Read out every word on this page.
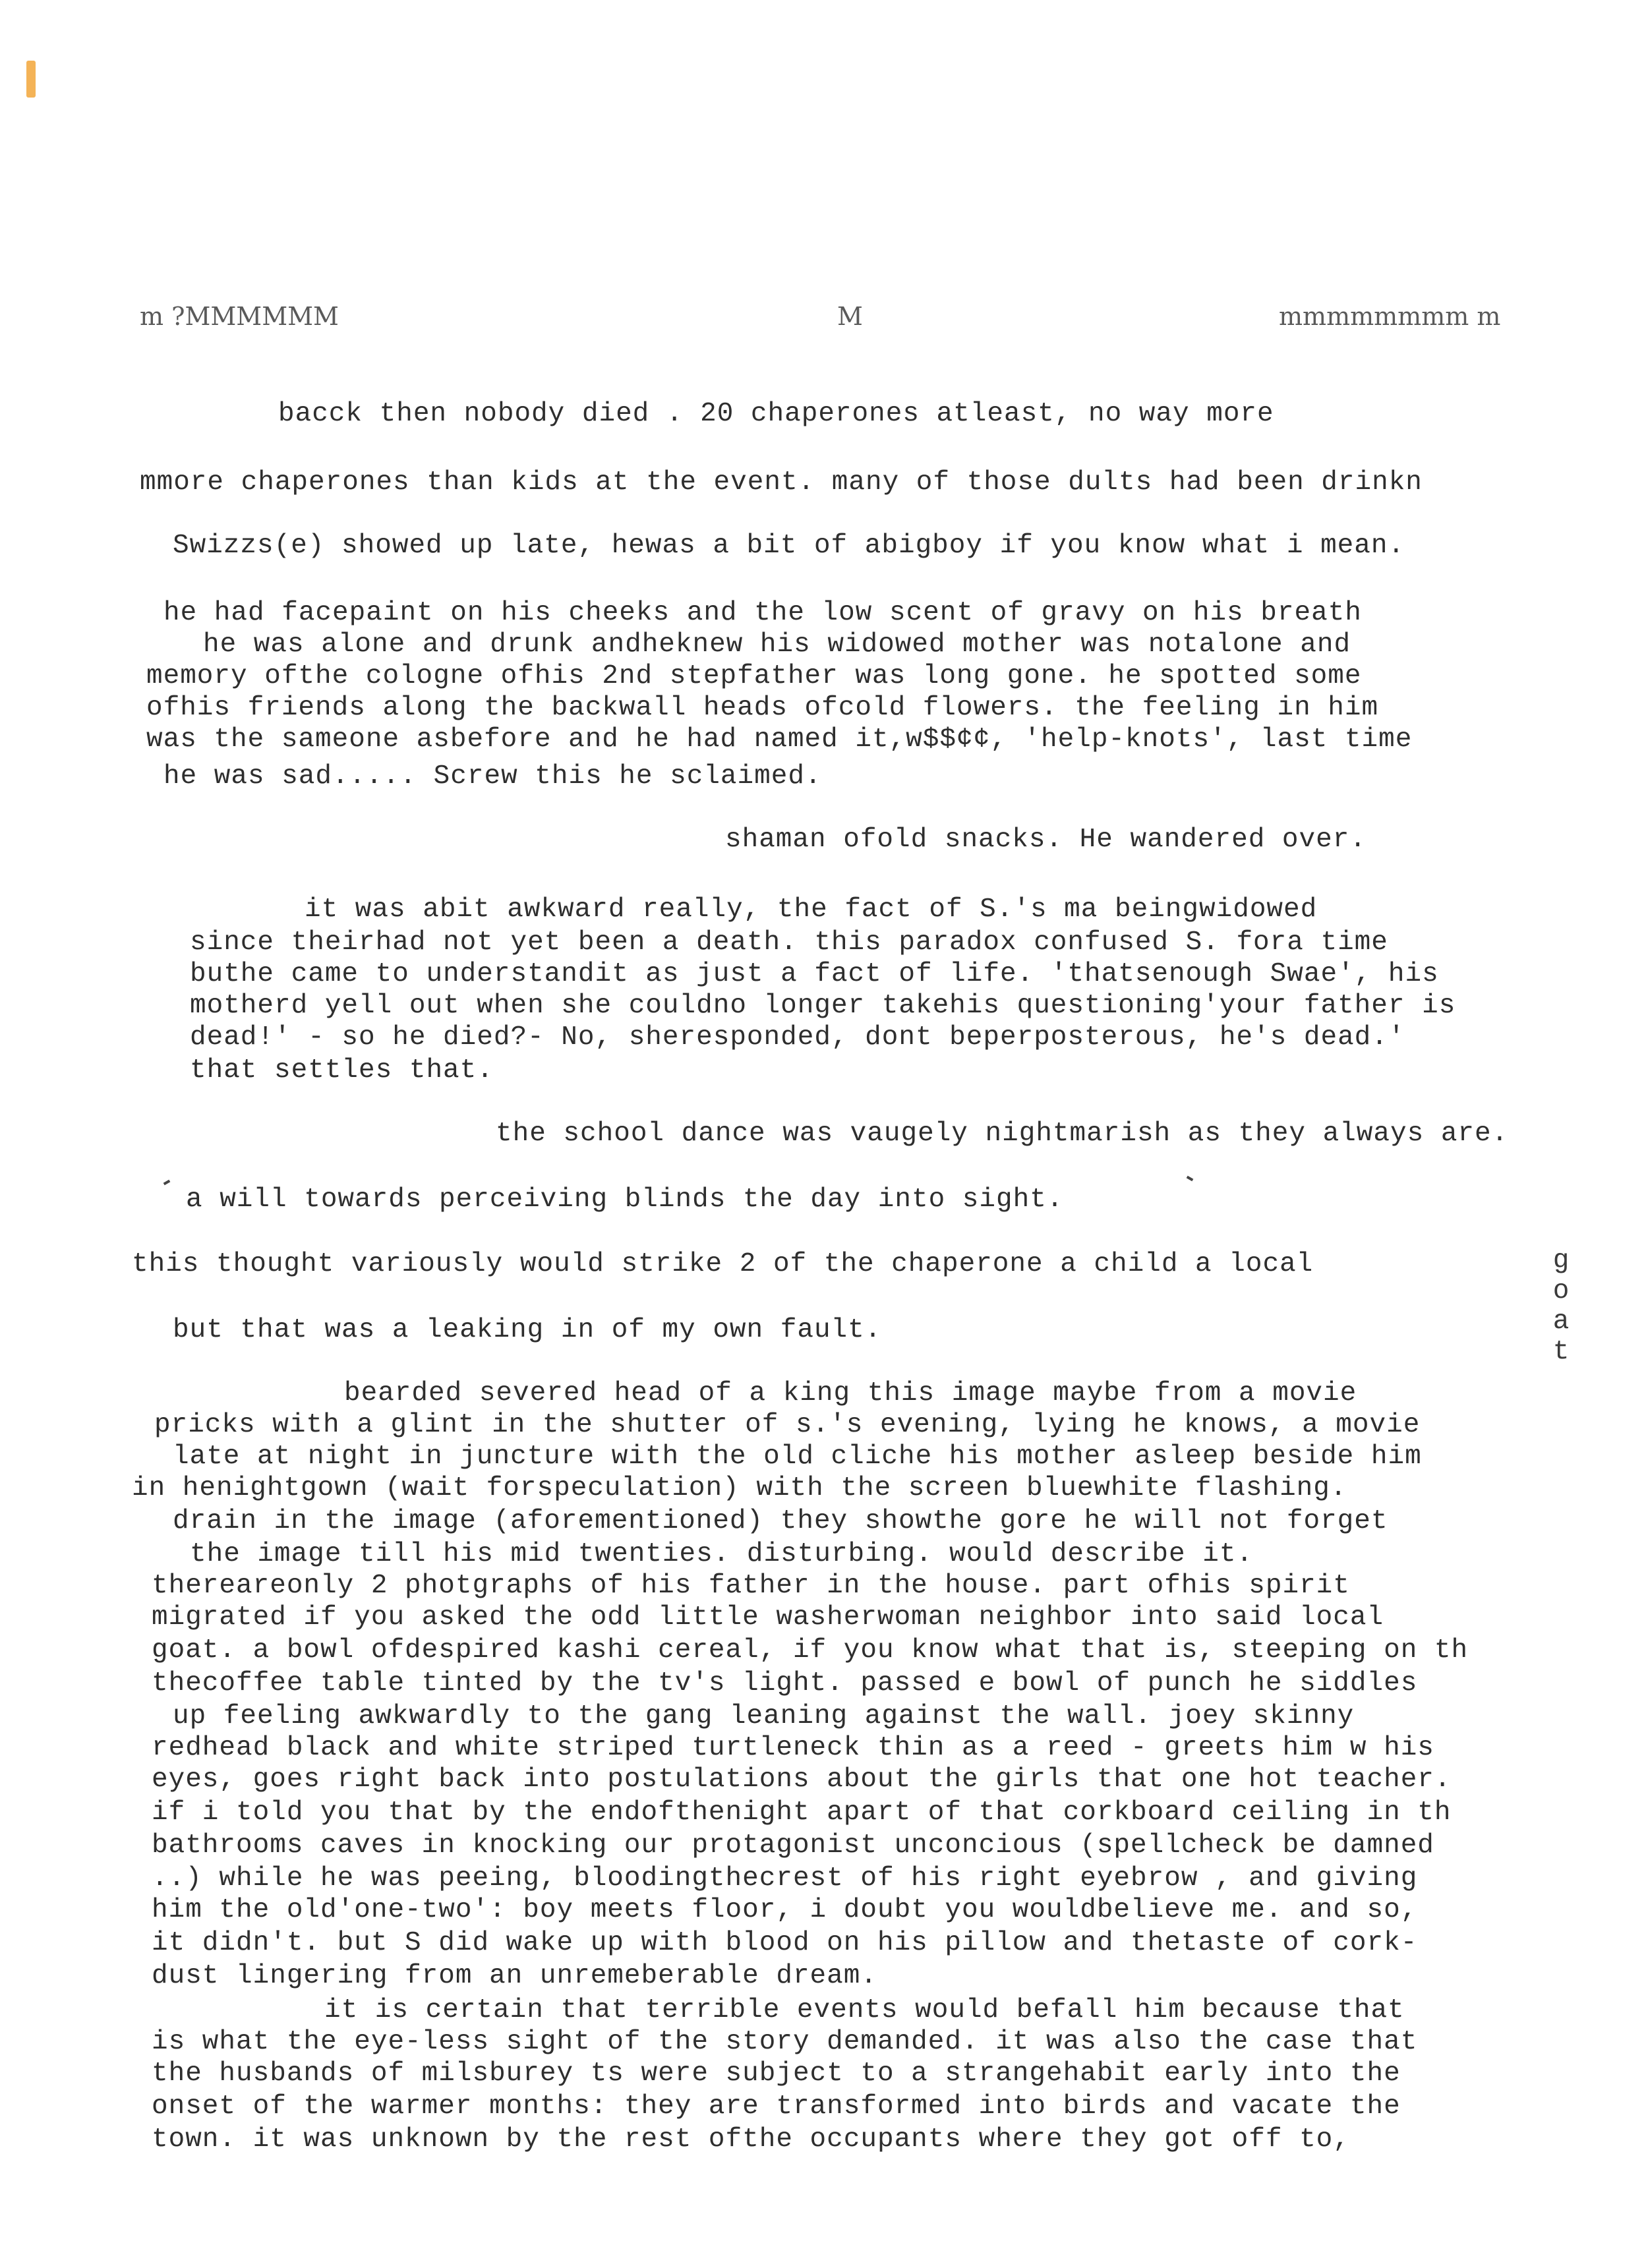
m ?MMMMMM	M	mmmmmmmm m
bacck then nobody died . 20 chaperones atleast, no way more
mmore chaperones than kids at the event. many of those dults had been drinkn
Swizzs(e) showed up late, hewas a bit of abigboy if you know what i mean.
he had facepaint on his cheeks and the low scent of gravy on his breath
he was alone and drunk andheknew his widowed mother was notalone and
memory ofthe cologne ofhis 2nd stepfather was long gone. he spotted some
ofhis friends along the backwall heads ofcold flowers. the feeling in him
was the sameone asbefore and he had named it,w$$¢¢, 'help-knots', last time
he was sad..... Screw this he sclaimed.
shaman ofold snacks. He wandered over.
it was abit awkward really, the fact of S.'s ma beingwidowed
since theirhad not yet been a death. this paradox confused S. fora time
buthe came to understandit as just a fact of life. 'thatsenough Swae', his
motherd yell out when she couldno longer takehis questioning'your father is
dead!' - so he died?- No, sheresponded, dont beperposterous, he's dead.'
that settles that.
the school dance was vaugely nightmarish as they always are.
a will towards perceiving blinds the day into sight.
this thought variously would strike 2 of the chaperone a child a local
but that was a leaking in of my own fault.	goat
bearded severed head of a king this image maybe from a movie
pricks with a glint in the shutter of s.'s evening, lying he knows, a movie
late at night in juncture with the old cliche his mother asleep beside him
in henightgown (wait forspeculation) with the screen bluewhite flashing.
drain in the image (aforementioned) they showthe gore he will not forget
the image till his mid twenties. disturbing. would describe it.
thereareonly 2 photgraphs of his father in the house. part ofhis spirit
migrated if you asked the odd little washerwoman neighbor into said local
goat. a bowl ofdespired kashi cereal, if you know what that is, steeping on th
thecoffee table tinted by the tv's light. passed e bowl of punch he siddles
up feeling awkwardly to the gang leaning against the wall. joey skinny
redhead black and white striped turtleneck thin as a reed - greets him w his
eyes, goes right back into postulations about the girls that one hot teacher.
if i told you that by the endofthenight apart of that corkboard ceiling in th
bathrooms caves in knocking our protagonist unconcious (spellcheck be damned
..) while he was peeing, bloodingthecrest of his right eyebrow , and giving
him the old'one-two': boy meets floor, i doubt you wouldbelieve me. and so,
it didn't. but S did wake up with blood on his pillow and thetaste of cork-
dust lingering from an unremeberable dream.
it is certain that terrible events would befall him because that
is what the eye-less sight of the story demanded. it was also the case that
the husbands of milsburey ts were subject to a strangehabit early into the
onset of the warmer months: they are transformed into birds and vacate the
town. it was unknown by the rest ofthe occupants where they got off to,
